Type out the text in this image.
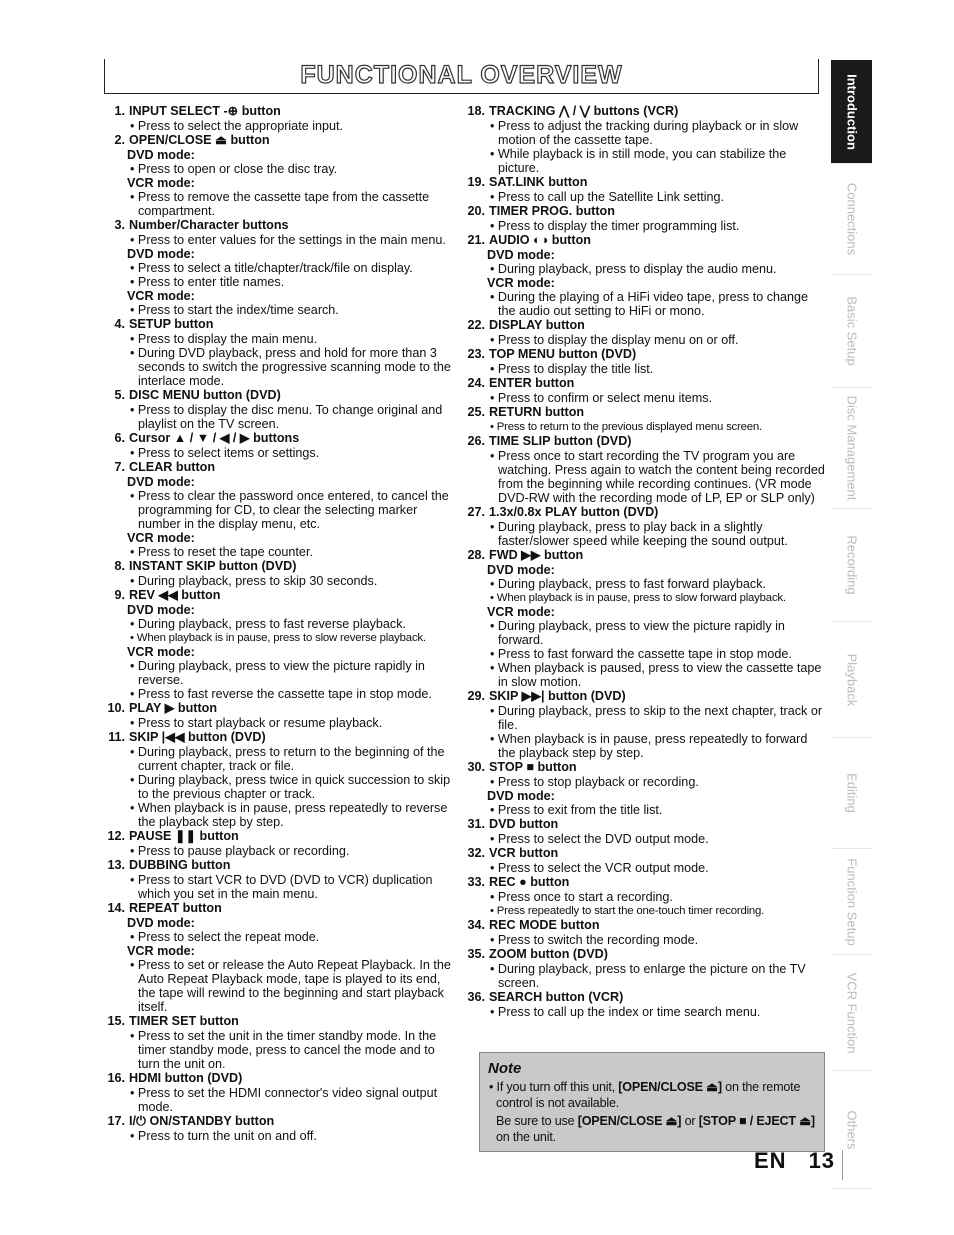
FUNCTIONAL OVERVIEW
1. INPUT SELECT -⊕ button
• Press to select the appropriate input.
2. OPEN/CLOSE ⏏ button
DVD mode:
• Press to open or close the disc tray.
VCR mode:
• Press to remove the cassette tape from the cassette compartment.
3. Number/Character buttons
• Press to enter values for the settings in the main menu.
DVD mode:
• Press to select a title/chapter/track/file on display.
• Press to enter title names.
VCR mode:
• Press to start the index/time search.
4. SETUP button
• Press to display the main menu.
• During DVD playback, press and hold for more than 3 seconds to switch the progressive scanning mode to the interlace mode.
5. DISC MENU button (DVD)
• Press to display the disc menu. To change original and playlist on the TV screen.
6. Cursor ▲ / ▼ / ◀ / ▶ buttons
• Press to select items or settings.
7. CLEAR button
DVD mode:
• Press to clear the password once entered, to cancel the programming for CD, to clear the selecting marker number in the display menu, etc.
VCR mode:
• Press to reset the tape counter.
8. INSTANT SKIP button (DVD)
• During playback, press to skip 30 seconds.
9. REV ◀◀ button
DVD mode:
• During playback, press to fast reverse playback.
• When playback is in pause, press to slow reverse playback.
VCR mode:
• During playback, press to view the picture rapidly in reverse.
• Press to fast reverse the cassette tape in stop mode.
10. PLAY ▶ button
• Press to start playback or resume playback.
11. SKIP |◀◀ button (DVD)
• During playback, press to return to the beginning of the current chapter, track or file.
• During playback, press twice in quick succession to skip to the previous chapter or track.
• When playback is in pause, press repeatedly to reverse the playback step by step.
12. PAUSE ❚❚ button
• Press to pause playback or recording.
13. DUBBING button
• Press to start VCR to DVD (DVD to VCR) duplication which you set in the main menu.
14. REPEAT button
DVD mode:
• Press to select the repeat mode.
VCR mode:
• Press to set or release the Auto Repeat Playback. In the Auto Repeat Playback mode, tape is played to its end, the tape will rewind to the beginning and start playback itself.
15. TIMER SET button
• Press to set the unit in the timer standby mode. In the timer standby mode, press to cancel the mode and to turn the unit on.
16. HDMI button (DVD)
• Press to set the HDMI connector's video signal output mode.
17. I/⏻ ON/STANDBY button
• Press to turn the unit on and off.
18. TRACKING ⋀ / ⋁ buttons (VCR)
• Press to adjust the tracking during playback or in slow motion of the cassette tape.
• While playback is in still mode, you can stabilize the picture.
19. SAT.LINK button
• Press to call up the Satellite Link setting.
20. TIMER PROG. button
• Press to display the timer programming list.
21. AUDIO ◐◑ button
DVD mode:
• During playback, press to display the audio menu.
VCR mode:
• During the playing of a HiFi video tape, press to change the audio out setting to HiFi or mono.
22. DISPLAY button
• Press to display the display menu on or off.
23. TOP MENU button (DVD)
• Press to display the title list.
24. ENTER button
• Press to confirm or select menu items.
25. RETURN button
• Press to return to the previous displayed menu screen.
26. TIME SLIP button (DVD)
• Press once to start recording the TV program you are watching. Press again to watch the content being recorded from the beginning while recording continues. (VR mode DVD-RW with the recording mode of LP, EP or SLP only)
27. 1.3x/0.8x PLAY button (DVD)
• During playback, press to play back in a slightly faster/slower speed while keeping the sound output.
28. FWD ▶▶ button
DVD mode:
• During playback, press to fast forward playback.
• When playback is in pause, press to slow forward playback.
VCR mode:
• During playback, press to view the picture rapidly in forward.
• Press to fast forward the cassette tape in stop mode.
• When playback is paused, press to view the cassette tape in slow motion.
29. SKIP ▶▶| button (DVD)
• During playback, press to skip to the next chapter, track or file.
• When playback is in pause, press repeatedly to forward the playback step by step.
30. STOP ■ button
• Press to stop playback or recording.
DVD mode:
• Press to exit from the title list.
31. DVD button
• Press to select the DVD output mode.
32. VCR button
• Press to select the VCR output mode.
33. REC ● button
• Press once to start a recording.
• Press repeatedly to start the one-touch timer recording.
34. REC MODE button
• Press to switch the recording mode.
35. ZOOM button (DVD)
• During playback, press to enlarge the picture on the TV screen.
36. SEARCH button (VCR)
• Press to call up the index or time search menu.
Note
• If you turn off this unit, [OPEN/CLOSE ⏏] on the remote control is not available.
Be sure to use [OPEN/CLOSE ⏏] or [STOP ■ / EJECT ⏏] on the unit.
EN 13
Introduction
Connections
Basic Setup
Disc Management
Recording
Playback
Editing
Function Setup
VCR Function
Others
